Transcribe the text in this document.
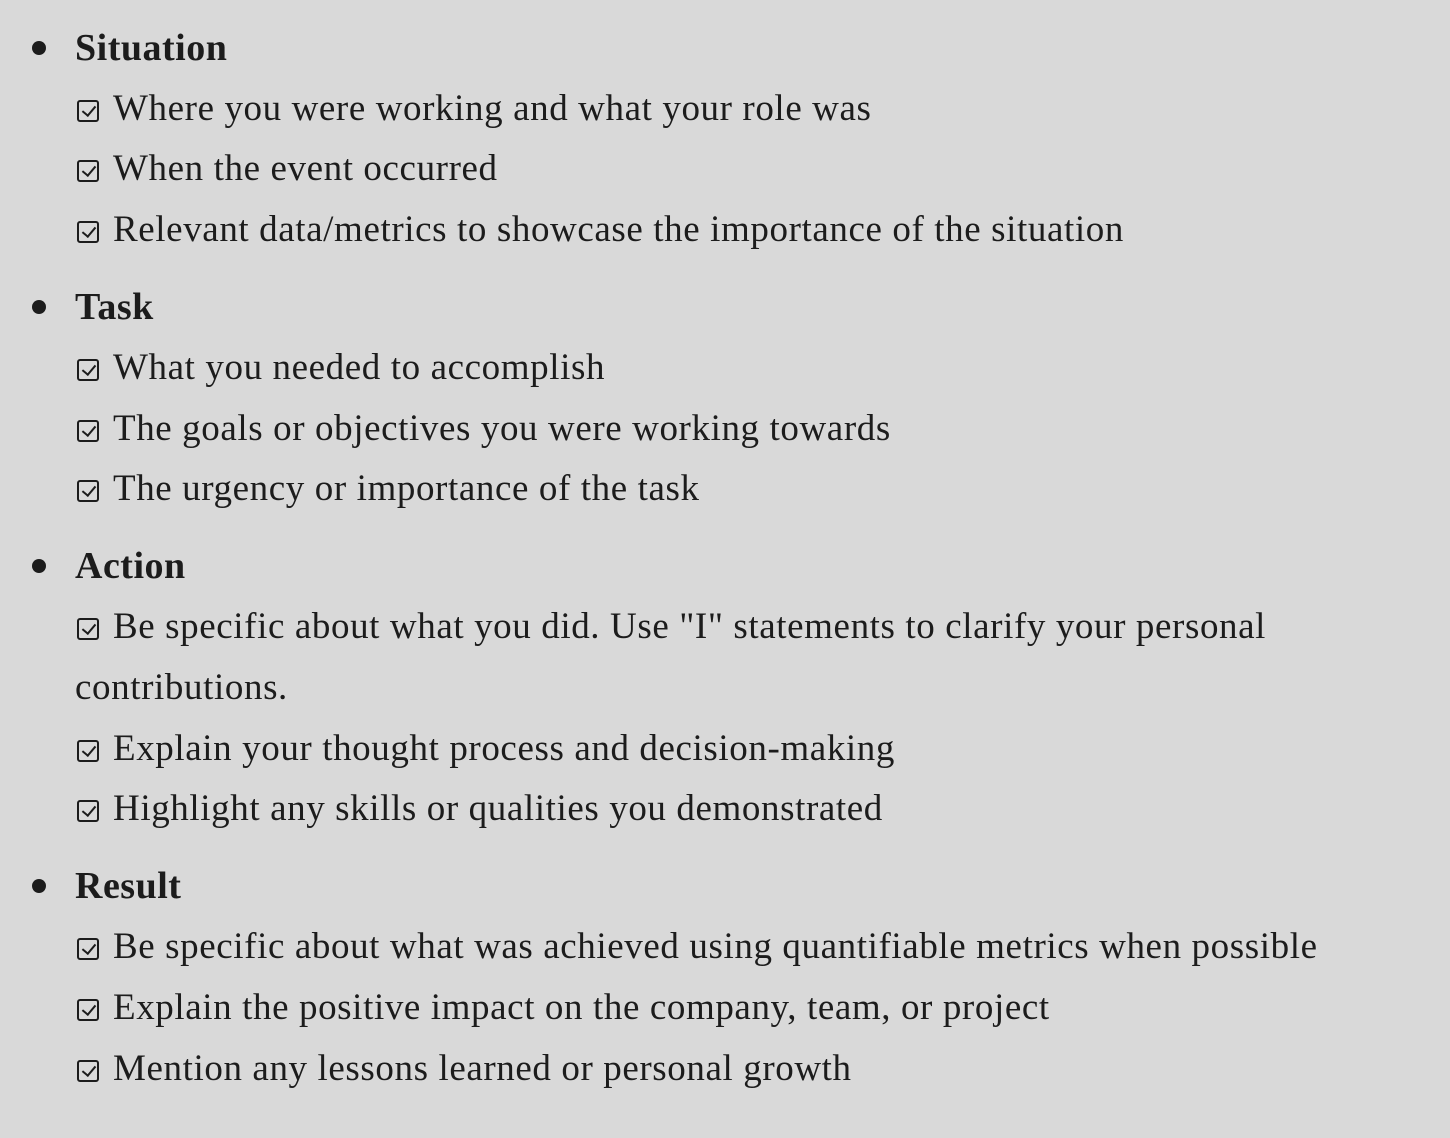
Situation
Where you were working and what your role was
When the event occurred
Relevant data/metrics to showcase the importance of the situation
Task
What you needed to accomplish
The goals or objectives you were working towards
The urgency or importance of the task
Action
Be specific about what you did. Use "I" statements to clarify your personal contributions.
Explain your thought process and decision-making
Highlight any skills or qualities you demonstrated
Result
Be specific about what was achieved using quantifiable metrics when possible
Explain the positive impact on the company, team, or project
Mention any lessons learned or personal growth
